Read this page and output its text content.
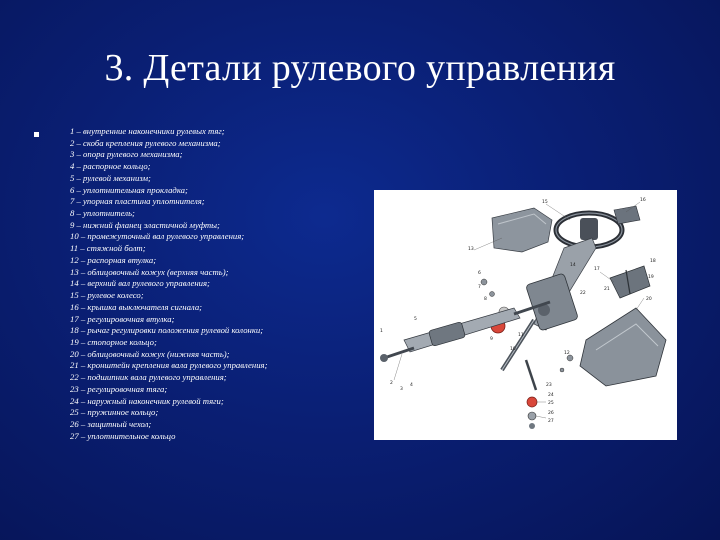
3. Детали рулевого управления
1 – внутренние наконечники рулевых тяг;
2 – скоба крепления рулевого механизма;
3 – опора рулевого механизма;
4 – распорное кольцо;
5 – рулевой механизм;
6 – уплотнительная прокладка;
7 – упорная пластина уплотнителя;
8 – уплотнитель;
9 – нижний фланец эластичной муфты;
10 – промежуточный вал рулевого управления;
11 – стяжной болт;
12 – распорная втулка;
13 – облицовочный кожух (верхняя часть);
14 – верхний вал рулевого управления;
15 – рулевое колесо;
16 – крышка выключателя сигнала;
17 – регулировочная втулка;
18 – рычаг регулировки положения рулевой колонки;
19 – стопорное кольцо;
20 – облицовочный кожух (нижняя часть);
21 – кронштейн крепления вала рулевого управления;
22 – подшипник вала рулевого управления;
23 – регулировочная тяга;
24 – наружный наконечник рулевой тяги;
25 – пружинное кольцо;
26 – защитный чехол;
27 – уплотнительное кольцо
15	16
1
13
5
14
17
18
19
20
21
22
2
3
4
6
7
8
9
10
11
12
23
24
25
26
27
